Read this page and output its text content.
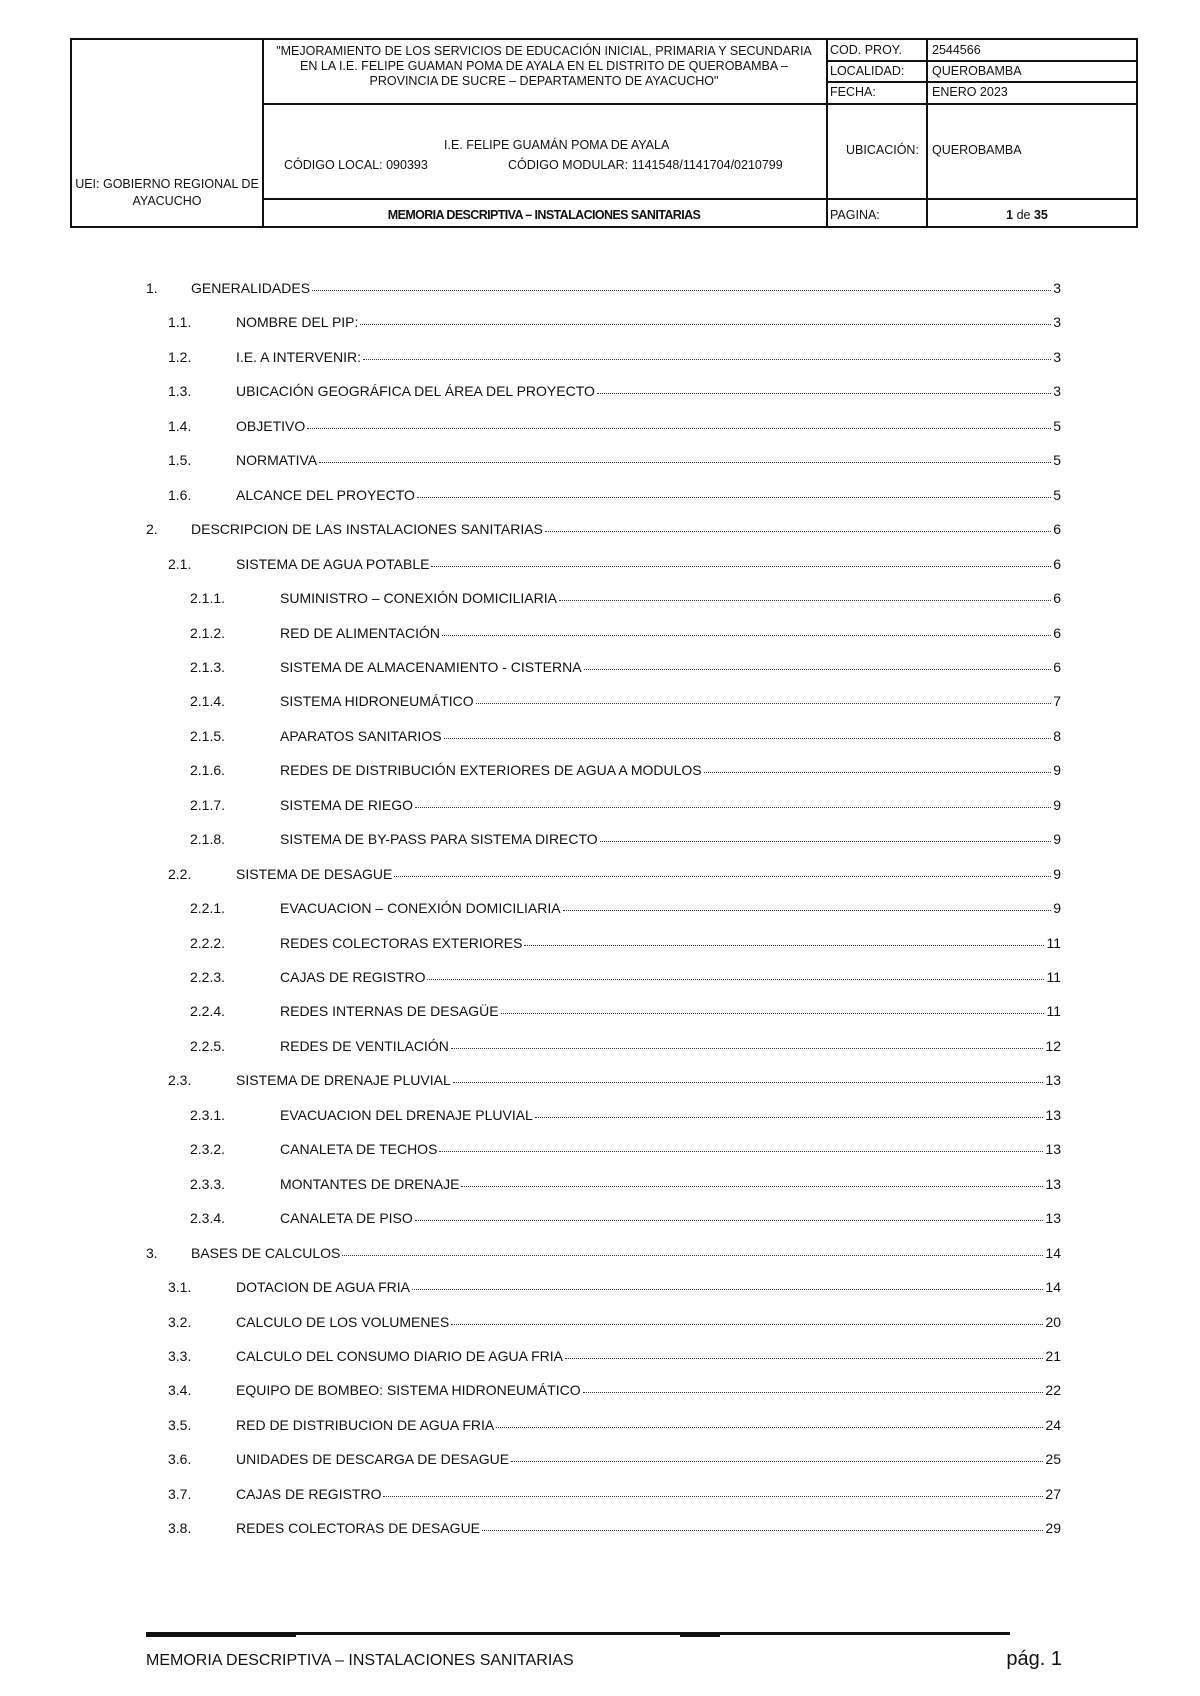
UEI: GOBIERNO REGIONAL DE AYACUCHO
"MEJORAMIENTO DE LOS SERVICIOS DE EDUCACIÓN INICIAL, PRIMARIA Y SECUNDARIA
EN LA I.E. FELIPE GUAMAN POMA DE AYALA EN EL DISTRITO DE QUEROBAMBA –
PROVINCIA DE SUCRE – DEPARTAMENTO DE AYACUCHO"
I.E. FELIPE GUAMÁN POMA DE AYALA
CÓDIGO LOCAL: 090393	CÓDIGO MODULAR: 1141548/1141704/0210799
MEMORIA DESCRIPTIVA – INSTALACIONES SANITARIAS
COD. PROY. 2544566
LOCALIDAD: QUEROBAMBA
FECHA:	ENERO 2023
UBICACIÓN: QUEROBAMBA
PAGINA:	1 de 35
1.	GENERALIDADES	3
1.1.	NOMBRE DEL PIP:	3
1.2.	I.E. A INTERVENIR:	3
1.3.	UBICACIÓN GEOGRÁFICA DEL ÁREA DEL PROYECTO	3
1.4.	OBJETIVO	5
1.5.	NORMATIVA	5
1.6.	ALCANCE DEL PROYECTO	5
2.	DESCRIPCION DE LAS INSTALACIONES SANITARIAS	6
2.1.	SISTEMA DE AGUA POTABLE	6
2.1.1.	SUMINISTRO – CONEXIÓN DOMICILIARIA	6
2.1.2.	RED DE ALIMENTACIÓN	6
2.1.3.	SISTEMA DE ALMACENAMIENTO - CISTERNA	6
2.1.4.	SISTEMA HIDRONEUMÁTICO	7
2.1.5.	APARATOS SANITARIOS	8
2.1.6.	REDES DE DISTRIBUCIÓN EXTERIORES DE AGUA A MODULOS	9
2.1.7.	SISTEMA DE RIEGO	9
2.1.8.	SISTEMA DE BY-PASS PARA SISTEMA DIRECTO	9
2.2.	SISTEMA DE DESAGUE	9
2.2.1.	EVACUACION – CONEXIÓN DOMICILIARIA	9
2.2.2.	REDES COLECTORAS EXTERIORES	11
2.2.3.	CAJAS DE REGISTRO	11
2.2.4.	REDES INTERNAS DE DESAGÜE	11
2.2.5.	REDES DE VENTILACIÓN	12
2.3.	SISTEMA DE DRENAJE PLUVIAL	13
2.3.1.	EVACUACION DEL DRENAJE PLUVIAL	13
2.3.2.	CANALETA DE TECHOS	13
2.3.3.	MONTANTES DE DRENAJE	13
2.3.4.	CANALETA DE PISO	13
3.	BASES DE CALCULOS	14
3.1.	DOTACION DE AGUA FRIA	14
3.2.	CALCULO DE LOS VOLUMENES	20
3.3.	CALCULO DEL CONSUMO DIARIO DE AGUA FRIA	21
3.4.	EQUIPO DE BOMBEO: SISTEMA HIDRONEUMÁTICO	22
3.5.	RED DE DISTRIBUCION DE AGUA FRIA	24
3.6.	UNIDADES DE DESCARGA DE DESAGUE	25
3.7.	CAJAS DE REGISTRO	27
3.8.	REDES COLECTORAS DE DESAGUE	29
MEMORIA DESCRIPTIVA – INSTALACIONES SANITARIAS	pág. 1
